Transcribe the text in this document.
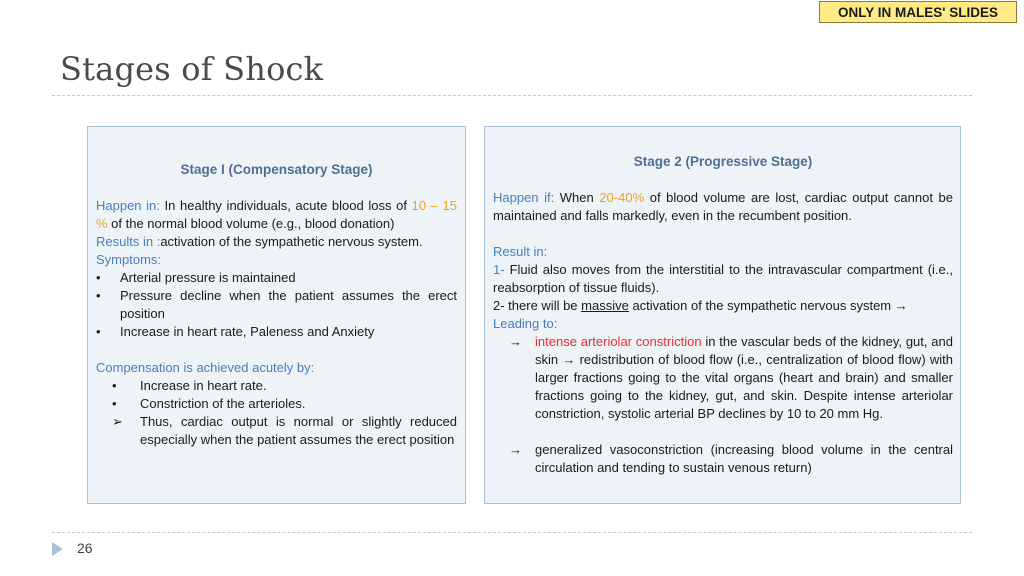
ONLY IN MALES' SLIDES
Stages of Shock
Stage I (Compensatory Stage)

Happen in: In healthy individuals, acute blood loss of 10 – 15 % of the normal blood volume (e.g., blood donation)

Results in :activation of the sympathetic nervous system.

Symptoms:

•	Arterial pressure is maintained

•	Pressure decline when the patient assumes the erect position

•	Increase in heart rate, Paleness and Anxiety

Compensation is achieved acutely by:

•	Increase in heart rate.

•	Constriction of the arterioles.

➢	Thus, cardiac output is normal or slightly reduced especially when the patient assumes the erect position

Stage 2 (Progressive Stage)

Happen if: When 20-40% of blood volume are lost, cardiac output cannot be maintained and falls markedly, even in the recumbent position.

Result in:

1- Fluid also moves from the interstitial to the intravascular compartment (i.e., reabsorption of tissue fluids).

2- there will be massive activation of the sympathetic nervous system →

Leading to:

→	intense arteriolar constriction in the vascular beds of the kidney, gut, and skin → redistribution of blood flow (i.e., centralization of blood flow) with larger fractions going to the vital organs (heart and brain) and smaller fractions going to the kidney, gut, and skin. Despite intense arteriolar constriction, systolic arterial BP declines by 10 to 20 mm Hg.

→	generalized vasoconstriction (increasing blood volume in the central circulation and tending to sustain venous return)

26
